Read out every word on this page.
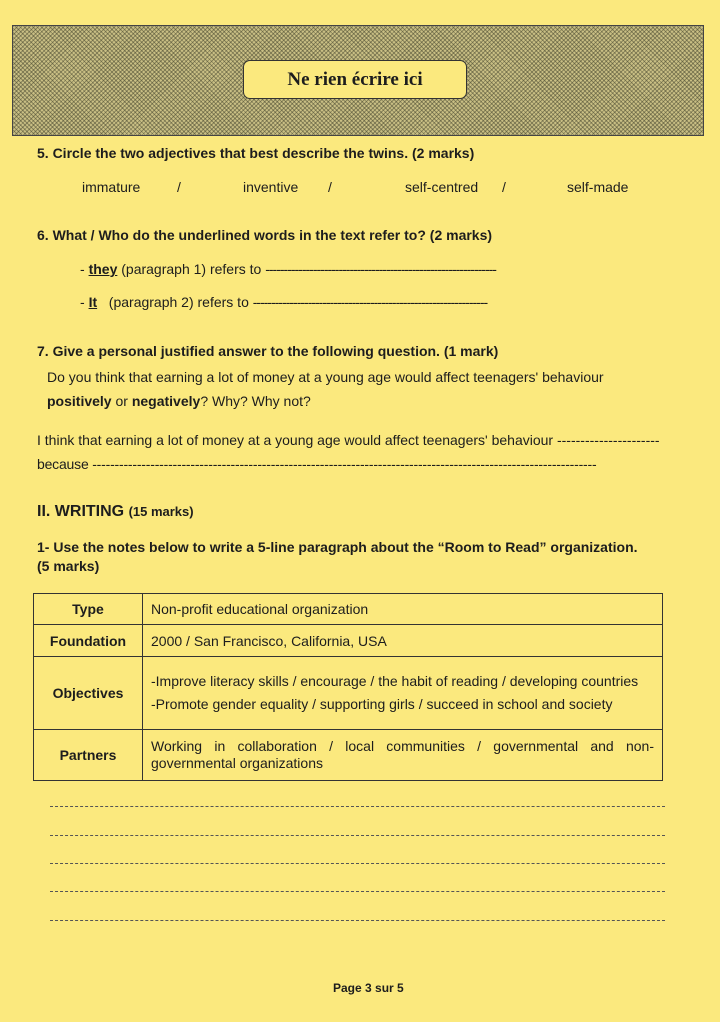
Ne rien écrire ici
5. Circle the two adjectives that best describe the twins. (2 marks)
immature	/	inventive /	self-centred /	self-made
6. What / Who do the underlined words in the text refer to? (2 marks)
- they (paragraph 1) refers to ---------------------------------------------------------------
- It   (paragraph 2) refers to ----------------------------------------------------------------
7. Give a personal justified answer to the following question. (1 mark)
Do you think that earning a lot of money at a young age would affect teenagers' behaviour
positively or negatively? Why? Why not?
I think that earning a lot of money at a young age would affect teenagers' behaviour ----------------------
because -----------------------------------------------------------------------------------------------------------------
II. WRITING (15 marks)
1- Use the notes below to write a 5-line paragraph about the “Room to Read” organization.
(5 marks)
Type	Non-profit educational organization
Foundation	2000 / San Francisco, California, USA
Objectives	-Improve literacy skills / encourage / the habit of reading / developing countries
-Promote gender equality / supporting girls / succeed in school and society

Partners	Working in collaboration / local communities / governmental and non-governmental organizations
Page 3 sur 5
